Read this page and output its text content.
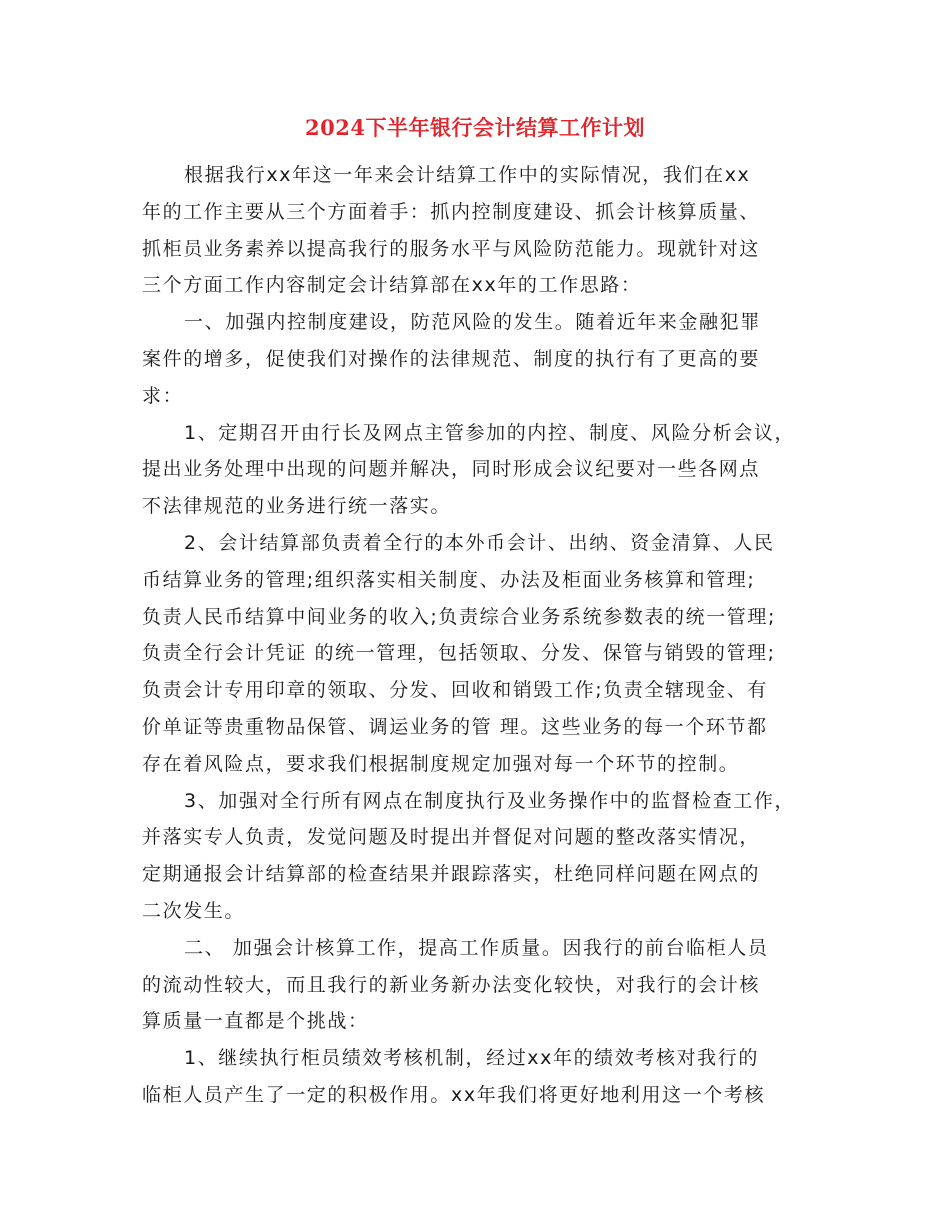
2024下半年银行会计结算工作计划

根据我行xx年这一年来会计结算工作中的实际情况，我们在xx
年的工作主要从三个方面着手：抓内控制度建设、抓会计核算质量、
抓柜员业务素养以提高我行的服务水平与风险防范能力。现就针对这
三个方面工作内容制定会计结算部在xx年的工作思路：

一、加强内控制度建设，防范风险的发生。随着近年来金融犯罪
案件的增多，促使我们对操作的法律规范、制度的执行有了更高的要
求：

1、定期召开由行长及网点主管参加的内控、制度、风险分析会议，
提出业务处理中出现的问题并解决，同时形成会议纪要对一些各网点
不法律规范的业务进行统一落实。

2、会计结算部负责着全行的本外币会计、出纳、资金清算、人民
币结算业务的管理;组织落实相关制度、办法及柜面业务核算和管理;
负责人民币结算中间业务的收入;负责综合业务系统参数表的统一管理;
负责全行会计凭证 的统一管理，包括领取、分发、保管与销毁的管理;
负责会计专用印章的领取、分发、回收和销毁工作;负责全辖现金、有
价单证等贵重物品保管、调运业务的管 理。这些业务的每一个环节都
存在着风险点，要求我们根据制度规定加强对每一个环节的控制。

3、加强对全行所有网点在制度执行及业务操作中的监督检查工作，
并落实专人负责，发觉问题及时提出并督促对问题的整改落实情况，
定期通报会计结算部的检查结果并跟踪落实，杜绝同样问题在网点的
二次发生。

二、 加强会计核算工作，提高工作质量。因我行的前台临柜人员
的流动性较大，而且我行的新业务新办法变化较快，对我行的会计核
算质量一直都是个挑战：

1、继续执行柜员绩效考核机制，经过xx年的绩效考核对我行的
临柜人员产生了一定的积极作用。xx年我们将更好地利用这一个考核
